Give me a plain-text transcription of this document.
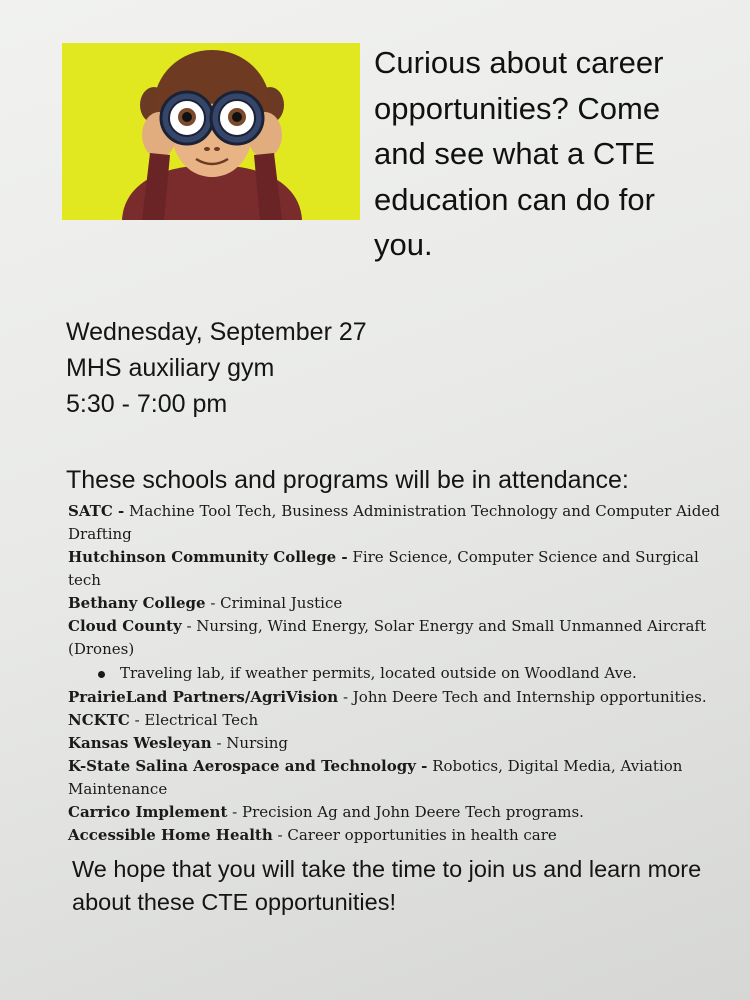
Curious about career opportunities? Come and see what a CTE education can do for you.
Wednesday, September 27
MHS auxiliary gym
5:30 - 7:00 pm
These schools and programs will be in attendance:
SATC - Machine Tool Tech, Business Administration Technology and Computer Aided Drafting
Hutchinson Community College - Fire Science, Computer Science and Surgical tech
Bethany College - Criminal Justice
Cloud County - Nursing, Wind Energy, Solar Energy and Small Unmanned Aircraft (Drones)
Traveling lab, if weather permits, located outside on Woodland Ave.
PrairieLand Partners/AgriVision - John Deere Tech and Internship opportunities.
NCKTC - Electrical Tech
Kansas Wesleyan - Nursing
K-State Salina Aerospace and Technology - Robotics, Digital Media, Aviation Maintenance
Carrico Implement - Precision Ag and John Deere Tech programs.
Accessible Home Health - Career opportunities in health care
We hope that you will take the time to join us and learn more about these CTE opportunities!
